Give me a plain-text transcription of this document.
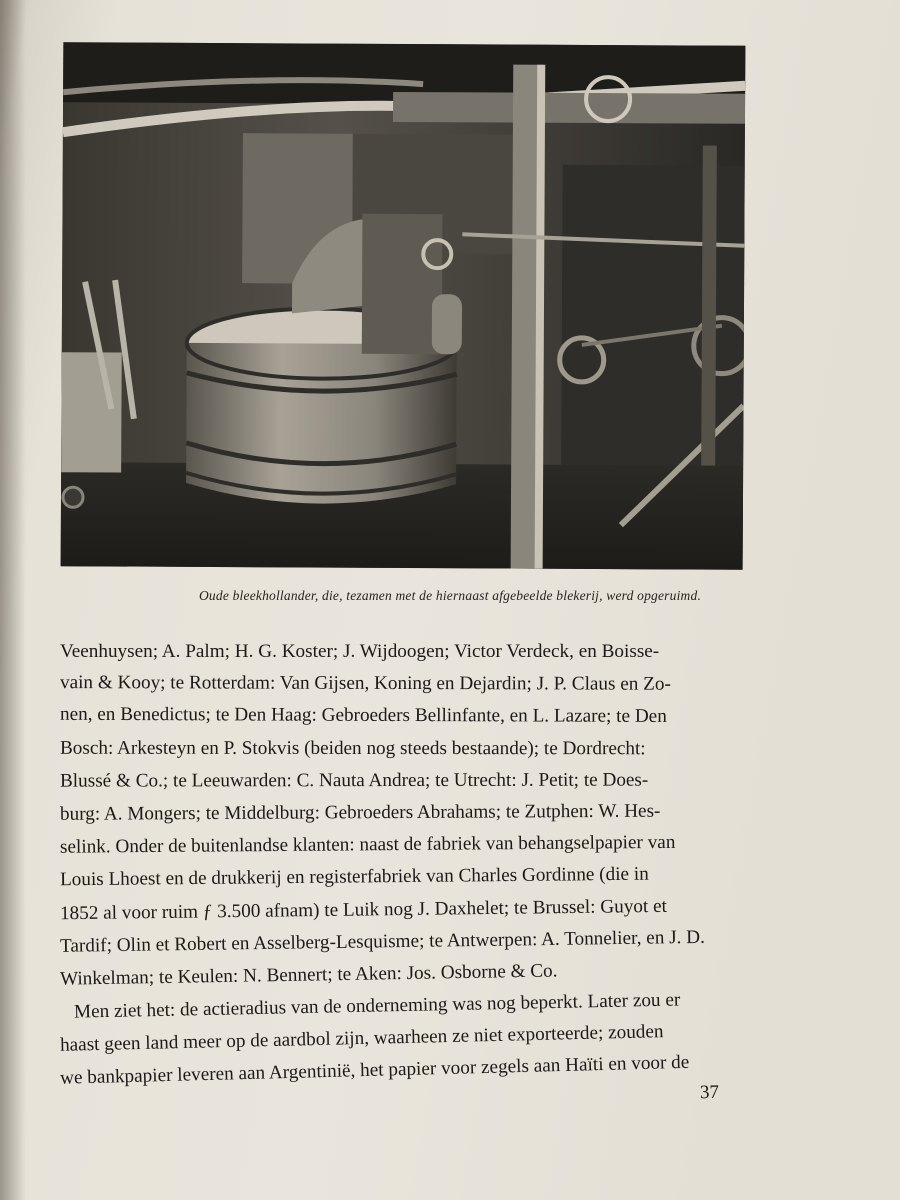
Oude bleekhollander, die, tezamen met de hiernaast afgebeelde blekerij, werd opgeruimd.
Veenhuysen; A. Palm; H. G. Koster; J. Wijdoogen; Victor Verdeck, en Boisse-
vain & Kooy; te Rotterdam: Van Gijsen, Koning en Dejardin; J. P. Claus en Zo-
nen, en Benedictus; te Den Haag: Gebroeders Bellinfante, en L. Lazare; te Den
Bosch: Arkesteyn en P. Stokvis (beiden nog steeds bestaande); te Dordrecht:
Blussé & Co.; te Leeuwarden: C. Nauta Andrea; te Utrecht: J. Petit; te Does-
burg: A. Mongers; te Middelburg: Gebroeders Abrahams; te Zutphen: W. Hes-
selink. Onder de buitenlandse klanten: naast de fabriek van behangselpapier van
Louis Lhoest en de drukkerij en registerfabriek van Charles Gordinne (die in
1852 al voor ruim ƒ 3.500 afnam) te Luik nog J. Daxhelet; te Brussel: Guyot et
Tardif; Olin et Robert en Asselberg-Lesquisme; te Antwerpen: A. Tonnelier, en J. D.
Winkelman; te Keulen: N. Bennert; te Aken: Jos. Osborne & Co.
Men ziet het: de actieradius van de onderneming was nog beperkt. Later zou er
haast geen land meer op de aardbol zijn, waarheen ze niet exporteerde; zouden
we bankpapier leveren aan Argentinië, het papier voor zegels aan Haïti en voor de
37
